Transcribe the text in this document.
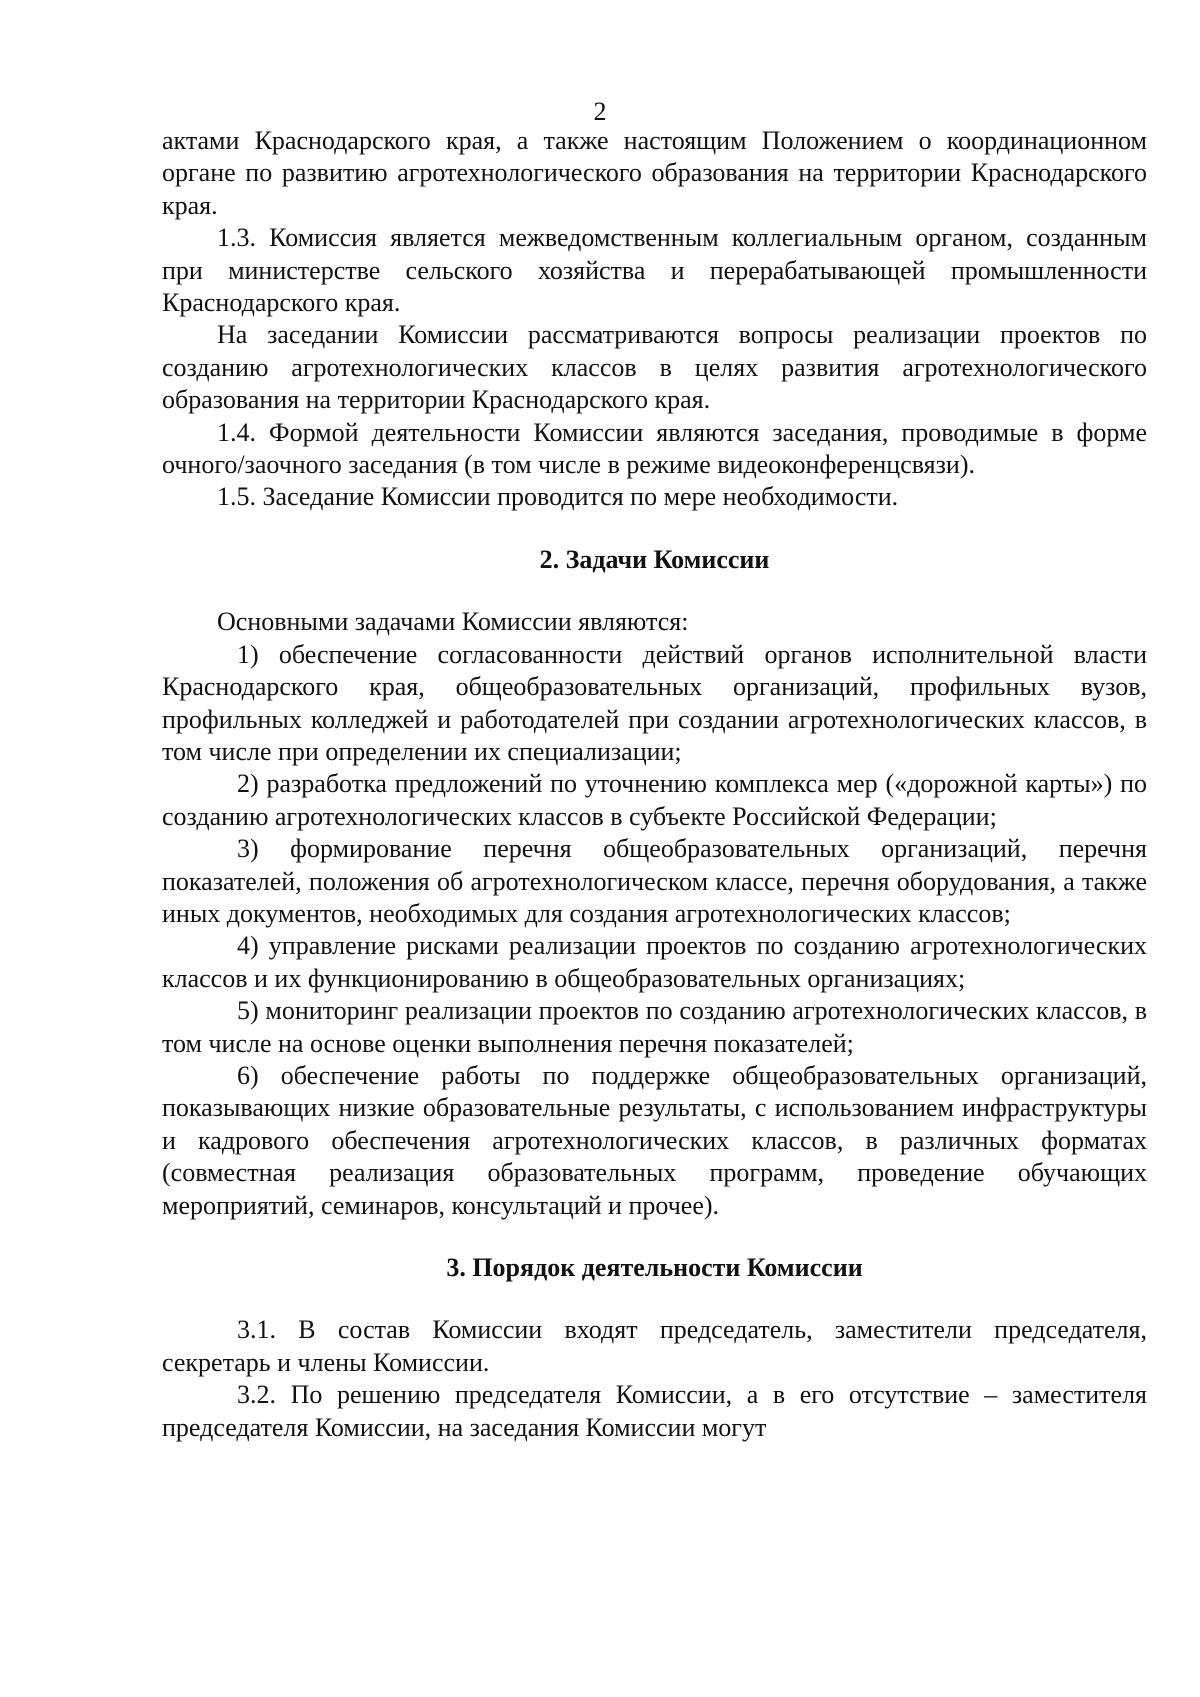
2

актами Краснодарского края, а также настоящим Положением о координационном органе по развитию агротехнологического образования на территории Краснодарского края.

1.3. Комиссия является межведомственным коллегиальным органом, созданным при министерстве сельского хозяйства и перерабатывающей промышленности Краснодарского края.

На заседании Комиссии рассматриваются вопросы реализации проектов по созданию агротехнологических классов в целях развития агротехнологического образования на территории Краснодарского края.

1.4. Формой деятельности Комиссии являются заседания, проводимые в форме очного/заочного заседания (в том числе в режиме видеоконференцсвязи).

1.5. Заседание Комиссии проводится по мере необходимости.

2. Задачи Комиссии

Основными задачами Комиссии являются:

1) обеспечение согласованности действий органов исполнительной власти Краснодарского края, общеобразовательных организаций, профильных вузов, профильных колледжей и работодателей при создании агротехнологических классов, в том числе при определении их специализации;

2) разработка предложений по уточнению комплекса мер («дорожной карты») по созданию агротехнологических классов в субъекте Российской Федерации;

3) формирование перечня общеобразовательных организаций, перечня показателей, положения об агротехнологическом классе, перечня оборудования, а также иных документов, необходимых для создания агротехнологических классов;

4) управление рисками реализации проектов по созданию агротехнологических классов и их функционированию в общеобразовательных организациях;

5) мониторинг реализации проектов по созданию агротехнологических классов, в том числе на основе оценки выполнения перечня показателей;

6) обеспечение работы по поддержке общеобразовательных организаций, показывающих низкие образовательные результаты, с использованием инфраструктуры и кадрового обеспечения агротехнологических классов, в различных форматах (совместная реализация образовательных программ, проведение обучающих мероприятий, семинаров, консультаций и прочее).

3. Порядок деятельности Комиссии

3.1. В состав Комиссии входят председатель, заместители председателя, секретарь и члены Комиссии.

3.2. По решению председателя Комиссии, а в его отсутствие – заместителя председателя Комиссии, на заседания Комиссии могут
